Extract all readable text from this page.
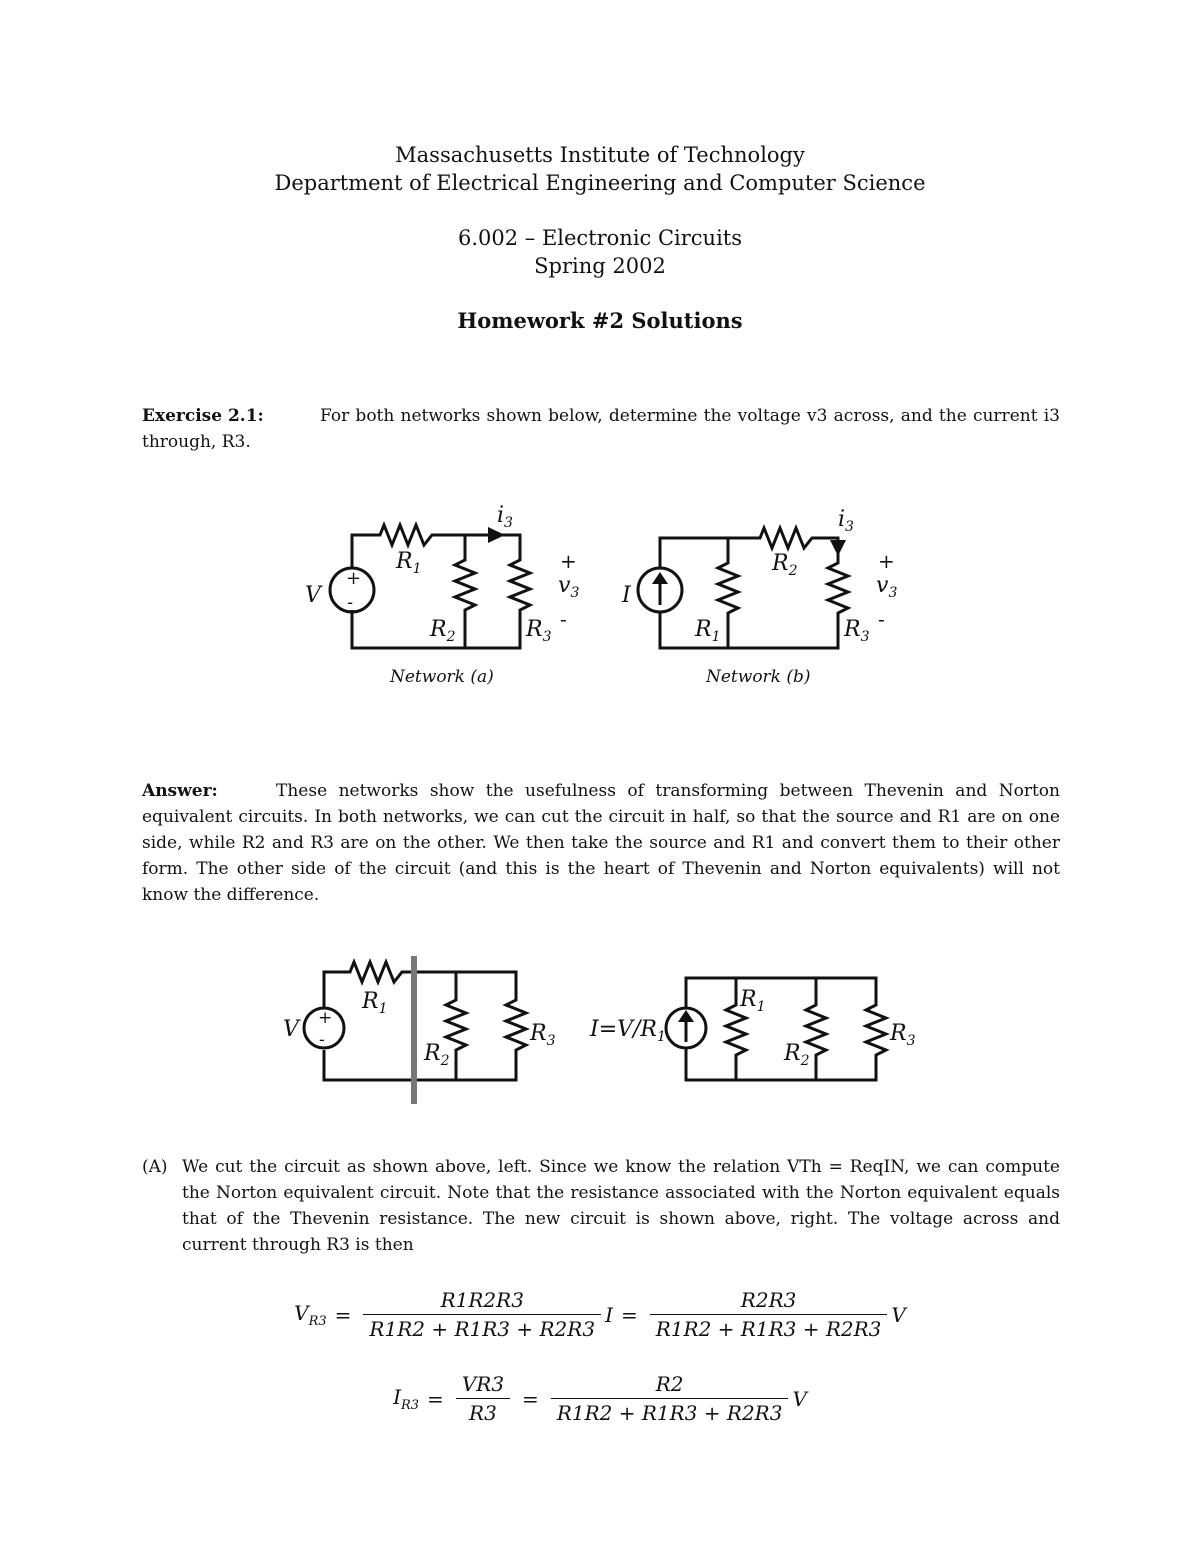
Massachusetts Institute of Technology
Department of Electrical Engineering and Computer Science
6.002 – Electronic Circuits
Spring 2002
Homework #2 Solutions
Exercise 2.1:	For both networks shown below, determine the voltage v3 across, and the current i3 through, R3.
V
+
-
$R_1$
$R_2$	$R_3$
$i_3$
+
$v_3$
-
Network (a)
I
$R_2$
$R_1$	$R_3$
$i_3$
+
$v_3$
-
Network (b)
V +
-
$R_1$
$R_2$
$R_3$ $I=V/R_1$
$R_1$
$R_2$
$R_3$
Answer:	These networks show the usefulness of transforming between Thevenin and Norton equivalent circuits. In both networks, we can cut the circuit in half, so that the source and R1 are on one side, while R2 and R3 are on the other. We then take the source and R1 and convert them to their other form. The other side of the circuit (and this is the heart of Thevenin and Norton equivalents) will not know the difference.
(A) We cut the circuit as shown above, left. Since we know the relation VTh = ReqIN, we can compute the Norton equivalent circuit. Note that the resistance associated with the Norton equivalent equals that of the Thevenin resistance. The new circuit is shown above, right. The voltage across and current through R3 is then
$V_{R3} = \frac{R1R2R3}{R1R2 + R1R3 + R2R3}$ $I = \frac{R2R3}{R1R2 + R1R3 + R2R3}$ V
$I_{R3} = \frac{VR3}{R3} = \frac{R2}{R1R2 + R1R3 + R2R3}$ V
